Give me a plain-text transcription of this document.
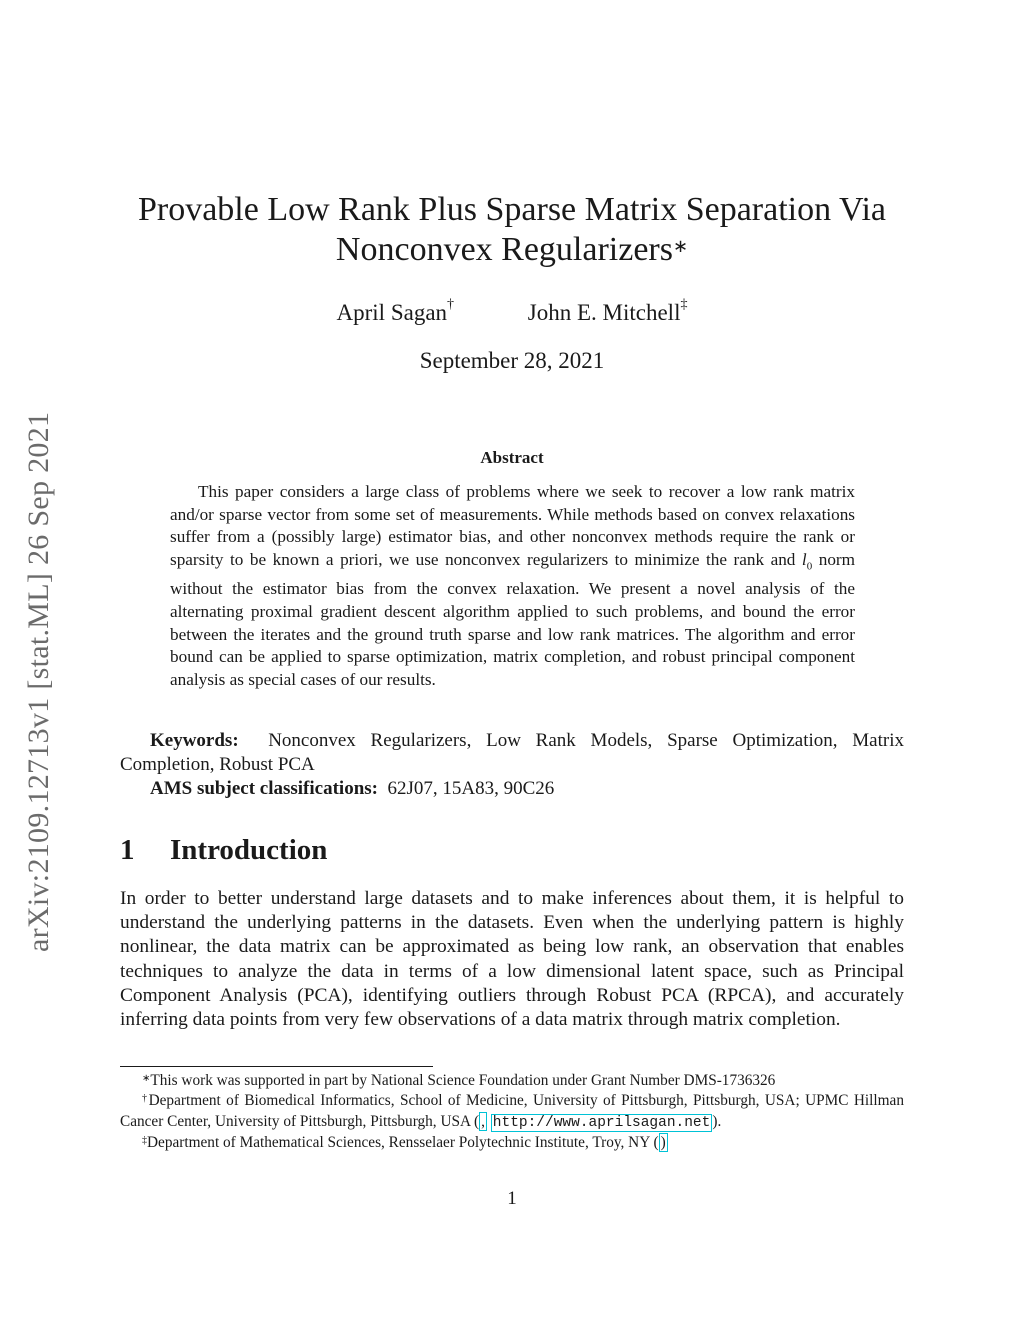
arXiv:2109.12713v1 [stat.ML] 26 Sep 2021
Provable Low Rank Plus Sparse Matrix Separation Via
Nonconvex Regularizers∗
April Sagan†	John E. Mitchell‡
September 28, 2021
Abstract
This paper considers a large class of problems where we seek to recover a low rank matrix and/or sparse vector from some set of measurements. While methods based on convex relaxations suffer from a (possibly large) estimator bias, and other nonconvex methods require the rank or sparsity to be known a priori, we use nonconvex regularizers to minimize the rank and $l_0$ norm without the estimator bias from the convex relaxation. We present a novel analysis of the alternating proximal gradient descent algorithm applied to such problems, and bound the error between the iterates and the ground truth sparse and low rank matrices. The algorithm and error bound can be applied to sparse optimization, matrix completion, and robust principal component analysis as special cases of our results.
Keywords: Nonconvex Regularizers, Low Rank Models, Sparse Optimization, Matrix Completion, Robust PCA
AMS subject classifications: 62J07, 15A83, 90C26
1 Introduction
In order to better understand large datasets and to make inferences about them, it is helpful to understand the underlying patterns in the datasets. Even when the underlying pattern is highly nonlinear, the data matrix can be approximated as being low rank, an observation that enables techniques to analyze the data in terms of a low dimensional latent space, such as Principal Component Analysis (PCA), identifying outliers through Robust PCA (RPCA), and accurately inferring data points from very few observations of a data matrix through matrix completion.
∗This work was supported in part by National Science Foundation under Grant Number DMS-1736326
†Department of Biomedical Informatics, School of Medicine, University of Pittsburgh, Pittsburgh, USA; UPMC Hillman Cancer Center, University of Pittsburgh, Pittsburgh, USA ( , http://www.aprilsagan.net ).
‡Department of Mathematical Sciences, Rensselaer Polytechnic Institute, Troy, NY ( )
1
